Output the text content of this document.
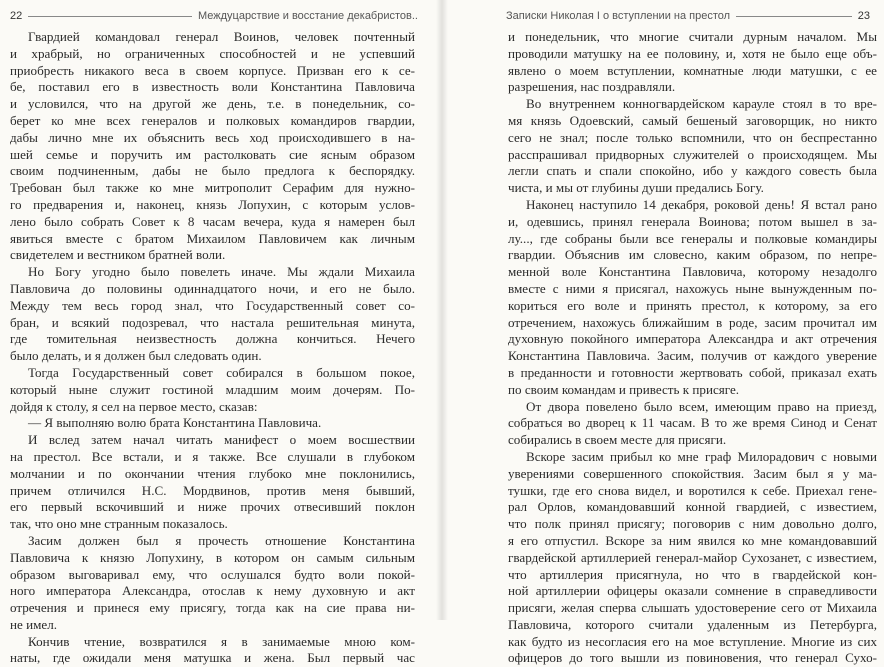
22	Междуцарствие и восстание декабристов..
Гвардией командовал генерал Воинов, человек почтенный
и храбрый, но ограниченных способностей и не успевший
приобресть никакого веса в своем корпусе. Призван его к се-
бе, поставил его в известность воли Константина Павловича
и условился, что на другой же день, т.е. в понедельник, со-
берет ко мне всех генералов и полковых командиров гвардии,
дабы лично мне их объяснить весь ход происходившего в на-
шей семье и поручить им растолковать сие ясным образом
своим подчиненным, дабы не было предлога к беспорядку.
Требован был также ко мне митрополит Серафим для нужно-
го предварения и, наконец, князь Лопухин, с которым услов-
лено было собрать Совет к 8 часам вечера, куда я намерен был
явиться вместе с братом Михаилом Павловичем как личным
свидетелем и вестником братней воли.
Но Богу угодно было повелеть иначе. Мы ждали Михаила
Павловича до половины одиннадцатого ночи, и его не было.
Между тем весь город знал, что Государственный совет со-
бран, и всякий подозревал, что настала решительная минута,
где томительная неизвестность должна кончиться. Нечего
было делать, и я должен был следовать один.
Тогда Государственный совет собирался в большом покое,
который ныне служит гостиной младшим моим дочерям. По-
дойдя к столу, я сел на первое место, сказав:
— Я выполняю волю брата Константина Павловича.
И вслед затем начал читать манифест о моем восшествии
на престол. Все встали, и я также. Все слушали в глубоком
молчании и по окончании чтения глубоко мне поклонились,
причем отличился Н.С. Мордвинов, против меня бывший,
его первый вскочивший и ниже прочих отвесивший поклон
так, что оно мне странным показалось.
Засим должен был я прочесть отношение Константина
Павловича к князю Лопухину, в котором он самым сильным
образом выговаривал ему, что ослушался будто воли покой-
ного императора Александра, отослав к нему духовную и акт
отречения и принеся ему присягу, тогда как на сие права ни-
не имел.
Кончив чтение, возвратился я в занимаемые мною ком-
наты, где ожидали меня матушка и жена. Был первый час
Записки Николая I о вступлении на престол	23
и понедельник, что многие считали дурным началом. Мы
проводили матушку на ее половину, и, хотя не было еще объ-
явлено о моем вступлении, комнатные люди матушки, с ее
разрешения, нас поздравляли.
Во внутреннем конногвардейском карауле стоял в то вре-
мя князь Одоевский, самый бешеный заговорщик, но никто
сего не знал; после только вспомнили, что он беспрестанно
расспрашивал придворных служителей о происходящем. Мы
легли спать и спали спокойно, ибо у каждого совесть была
чиста, и мы от глубины души предались Богу.
Наконец наступило 14 декабря, роковой день! Я встал рано
и, одевшись, принял генерала Воинова; потом вышел в за-
лу..., где собраны были все генералы и полковые командиры
гвардии. Объяснив им словесно, каким образом, по непре-
менной воле Константина Павловича, которому незадолго
вместе с ними я присягал, нахожусь ныне вынужденным по-
кориться его воле и принять престол, к которому, за его
отречением, нахожусь ближайшим в роде, засим прочитал им
духовную покойного императора Александра и акт отречения
Константина Павловича. Засим, получив от каждого уверение
в преданности и готовности жертвовать собой, приказал ехать
по своим командам и привесть к присяге.
От двора повелено было всем, имеющим право на приезд,
собраться во дворец к 11 часам. В то же время Синод и Сенат
собирались в своем месте для присяги.
Вскоре засим прибыл ко мне граф Милорадович с новыми
уверениями совершенного спокойствия. Засим был я у ма-
тушки, где его снова видел, и воротился к себе. Приехал гене-
рал Орлов, командовавший конной гвардией, с известием,
что полк принял присягу; поговорив с ним довольно долго,
я его отпустил. Вскоре за ним явился ко мне командовавший
гвардейской артиллерией генерал-майор Сухозанет, с известием,
что артиллерия присягнула, но что в гвардейской кон-
ной артиллерии офицеры оказали сомнение в справедливости
присяги, желая сперва слышать удостоверение сего от Михаила
Павловича, которого считали удаленным из Петербурга,
как будто из несогласия его на мое вступление. Многие из сих
офицеров до того вышли из повиновения, что генерал Сухо-
